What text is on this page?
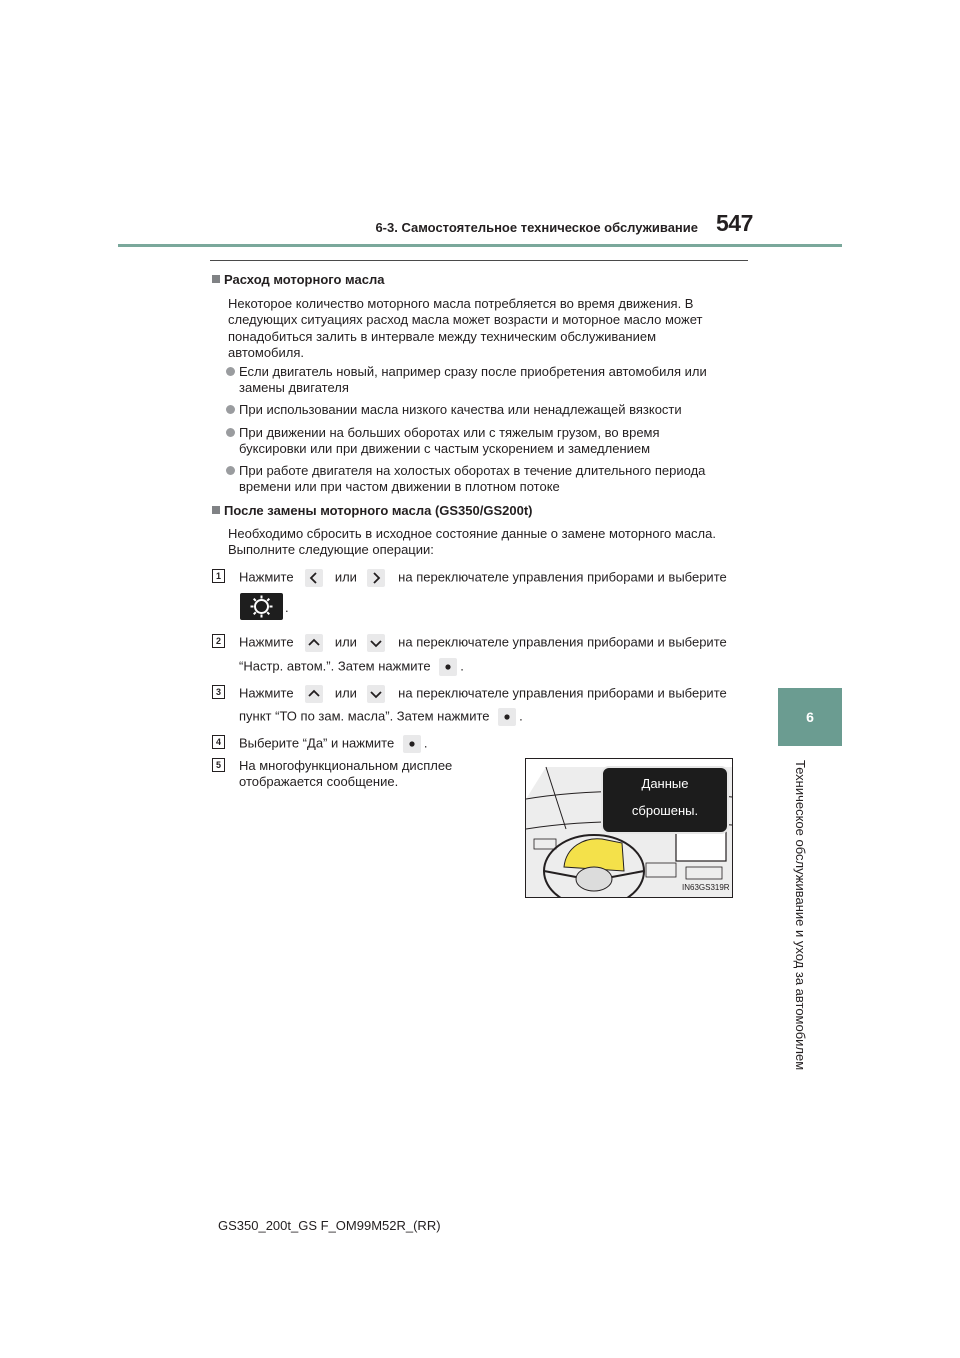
6-3. Самостоятельное техническое обслуживание 547
6
Техническое обслуживание и уход за автомобилем
Расход моторного масла
Некоторое количество моторного масла потребляется во время движения. В
следующих ситуациях расход масла может возрасти и моторное масло может
понадобиться залить в интервале между техническим обслуживанием
автомобиля.
Если двигатель новый, например сразу после приобретения автомобиля или
замены двигателя
При использовании масла низкого качества или ненадлежащей вязкости
При движении на больших оборотах или с тяжелым грузом, во время
буксировки или при движении с частым ускорением и замедлением
При работе двигателя на холостых оборотах в течение длительного периода
времени или при частом движении в плотном потоке
После замены моторного масла (GS350/GS200t)
Необходимо сбросить в исходное состояние данные о замене моторного масла.
Выполните следующие операции:
1	Нажмите	или	на переключателе управления приборами и выберите
.
2	Нажмите	или	на переключателе управления приборами и выберите
“Настр. автом.”. Затем нажмите .
3	Нажмите	или	на переключателе управления приборами и выберите
пункт “ТО по зам. масла”. Затем нажмите .
4	Выберите “Да” и нажмите .
5	На многофункциональном дисплее
отображается сообщение.	Данные
сброшены.
IN63GS319R
GS350_200t_GS F_OM99M52R_(RR)
